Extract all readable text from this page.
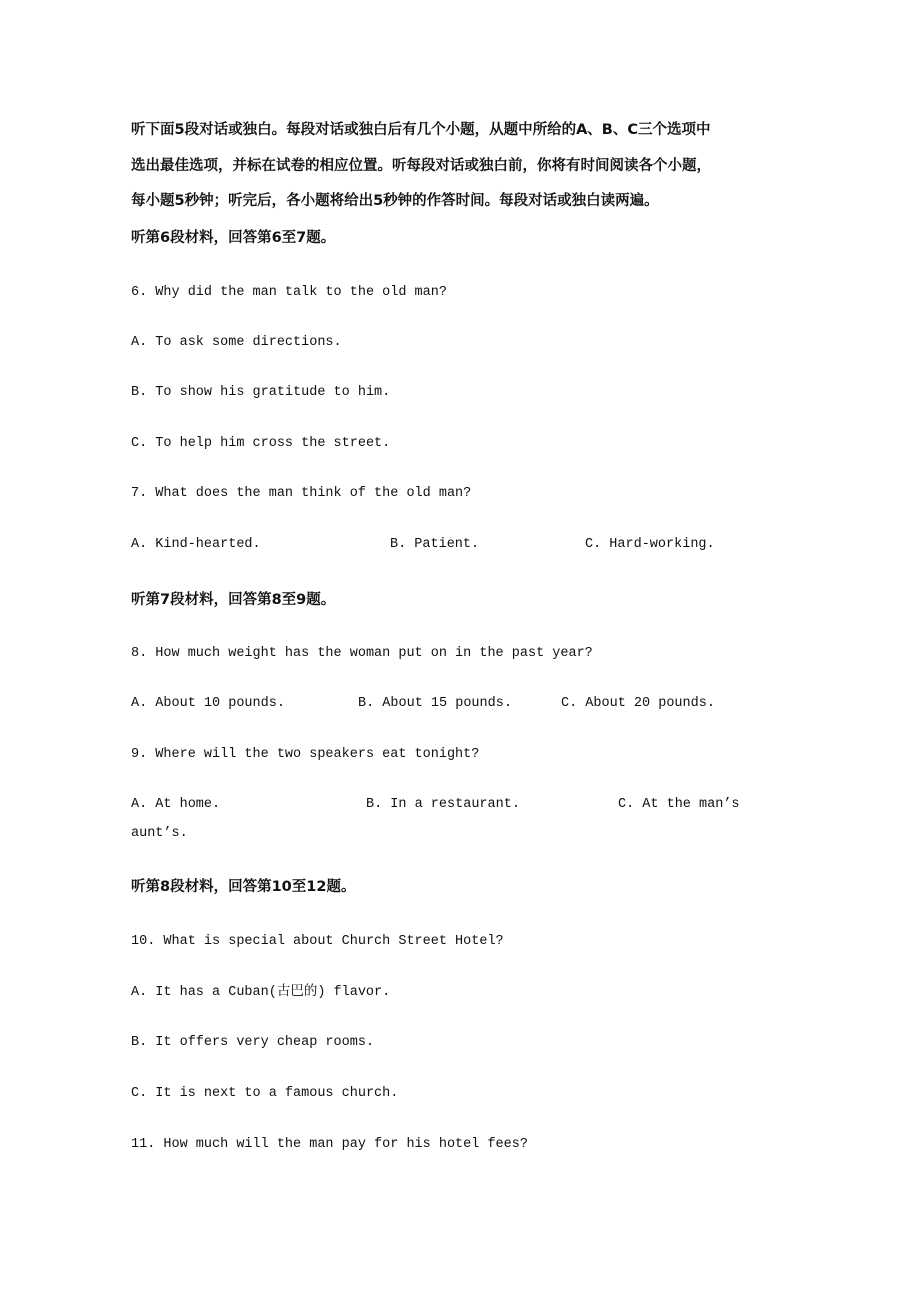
听下面5段对话或独白。每段对话或独白后有几个小题，从题中所给的A、B、C三个选项中
选出最佳选项，并标在试卷的相应位置。听每段对话或独白前，你将有时间阅读各个小题，
每小题5秒钟；听完后，各小题将给出5秒钟的作答时间。每段对话或独白读两遍。
听第6段材料，回答第6至7题。
6. Why did the man talk to the old man?
A. To ask some directions.
B. To show his gratitude to him.
C. To help him cross the street.
7. What does the man think of the old man?
A. Kind-hearted.	B. Patient.	C. Hard-working.
听第7段材料，回答第8至9题。
8. How much weight has the woman put on in the past year?
A. About 10 pounds.	B. About 15 pounds.	C. About 20 pounds.
9. Where will the two speakers eat tonight?
A. At home.	B. In a restaurant.	C. At the man’s
aunt’s.
听第8段材料，回答第10至12题。
10. What is special about Church Street Hotel?
A. It has a Cuban(古巴的) flavor.
B. It offers very cheap rooms.
C. It is next to a famous church.
11. How much will the man pay for his hotel fees?
